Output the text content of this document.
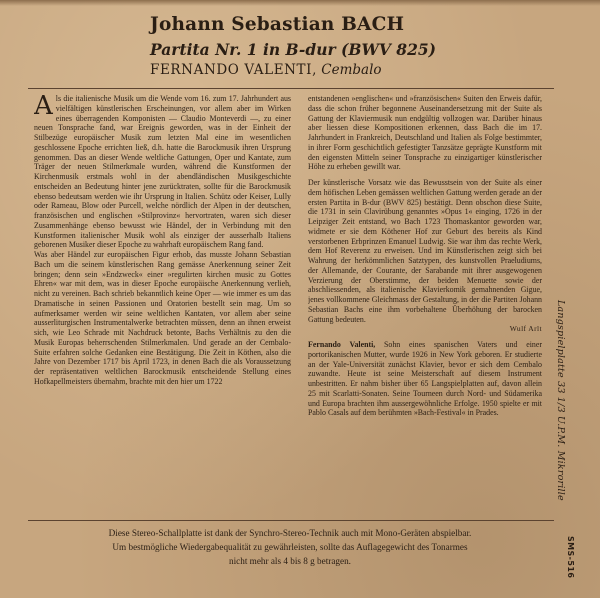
Johann Sebastian BACH
Partita Nr. 1 in B-dur (BWV 825)
FERNANDO VALENTI, Cembalo

Als die italienische Musik um die Wende vom 16. zum 17. Jahrhundert aus vielfältigen künstlerischen Erscheinungen, vor allem aber im Wirken eines überragenden Komponisten — Claudio Monteverdi —, zu einer neuen Tonsprache fand, war Ereignis geworden, was in der Einheit der Stilbezüge europäischer Musik zum letzten Mal eine im wesentlichen geschlossene Epoche errichten ließ, d.h. hatte die Barockmusik ihren Ursprung genommen. Das an dieser Wende weltliche Gattungen, Oper und Kantate, zum Träger der neuen Stilmerkmale wurden, während die Kunstformen der Kirchenmusik erstmals wohl in der abendländischen Musikgeschichte entscheiden an Bedeutung hinter jene zurücktraten, sollte für die Barockmusik ebenso bedeutsam werden wie ihr Ursprung in Italien. Schütz oder Keiser, Lully oder Rameau, Blow oder Purcell, welche nördlich der Alpen in der deutschen, französischen und englischen »Stilprovinz« hervortraten, waren sich dieser Zusammenhänge ebenso bewusst wie Händel, der in Verbindung mit den Kunstformen italienischer Musik wohl als einziger der ausserhalb Italiens geborenen Musiker dieser Epoche zu wahrhaft europäischem Rang fand.

Was aber Händel zur europäischen Figur erhob, das musste Johann Sebastian Bach um die seinem künstlerischen Rang gemässe Anerkennung seiner Zeit bringen; denn sein »Endzweck« einer »regulirten kirchen music zu Gottes Ehren« war mit dem, was in dieser Epoche europäische Anerkennung verlieh, nicht zu vereinen. Bach schrieb bekanntlich keine Oper — wie immer es um das Dramatische in seinen Passionen und Oratorien bestellt sein mag. Um so aufmerksamer werden wir seine weltlichen Kantaten, vor allem aber seine ausserliturgischen Instrumentalwerke betrachten müssen, denn an ihnen erweist sich, wie Leo Schrade mit Nachdruck betonte, Bachs Verhältnis zu den die Musik Europas beherrschenden Stilmerkmalen. Und gerade an der Cembalo-Suite erfahren solche Gedanken eine Bestätigung. Die Zeit in Köthen, also die Jahre von Dezember 1717 bis April 1723, in denen Bach die als Voraussetzung der repräsentativen weltlichen Barockmusik entscheidende Stellung eines Hofkapellmeisters übernahm, brachte mit den hier um 1722

entstandenen »englischen« und »französischen« Suiten den Erweis dafür, dass die schon früher begonnene Auseinandersetzung mit der Suite als Gattung der Klaviermusik nun endgültig vollzogen war. Darüber hinaus aber liessen diese Kompositionen erkennen, dass Bach die im 17. Jahrhundert in Frankreich, Deutschland und Italien als Folge bestimmter, in ihrer Form geschichtlich gefestigter Tanzsätze geprägte Kunstform mit den eigensten Mitteln seiner Tonsprache zu einzigartiger künstlerischer Höhe zu erheben gewillt war.

Der künstlerische Vorsatz wie das Bewusstsein von der Suite als einer dem höfischen Leben gemässen weltlichen Gattung werden gerade an der ersten Partita in B-dur (BWV 825) bestätigt. Denn obschon diese Suite, die 1731 in sein Clavirübung genanntes »Opus 1« einging, 1726 in der Leipziger Zeit entstand, wo Bach 1723 Thomaskantor geworden war, widmete er sie dem Köthener Hof zur Geburt des bereits als Kind verstorbenen Erbprinzen Emanuel Ludwig. Sie war ihm das rechte Werk, dem Hof Reverenz zu erweisen. Und im Künstlerischen zeigt sich bei Wahrung der herkömmlichen Satztypen, des kunstvollen Praeludiums, der Allemande, der Courante, der Sarabande mit ihrer ausgewogenen Verzierung der Oberstimme, der beiden Menuette sowie der abschliessenden, als italienische Klavierkomik gemahnenden Gigue, jenes vollkommene Gleichmass der Gestaltung, in der die Partiten Johann Sebastian Bachs eine ihm vorbehaltene Überhöhung der barocken Gattung bedeuten.

Wulf Arlt

Fernando Valenti, Sohn eines spanischen Vaters und einer portorikanischen Mutter, wurde 1926 in New York geboren. Er studierte an der Yale-Universität zunächst Klavier, bevor er sich dem Cembalo zuwandte. Heute ist seine Meisterschaft auf diesem Instrument unbestritten. Er nahm bisher über 65 Langspielplatten auf, davon allein 25 mit Scarlatti-Sonaten. Seine Tourneen durch Nord- und Südamerika und Europa brachten ihm aussergewöhnliche Erfolge. 1950 spielte er mit Pablo Casals auf dem berühmten »Bach-Festival« in Prades.	Langspielplatte 33 1/3 U.P.M. Mikrorille

Diese Stereo-Schallplatte ist dank der Synchro-Stereo-Technik auch mit Mono-Geräten abspielbar.

Um bestmögliche Wiedergabequalität zu gewährleisten, sollte das Auflagegewicht des Tonarmes

nicht mehr als 4 bis 8 g betragen.	SMS-516
